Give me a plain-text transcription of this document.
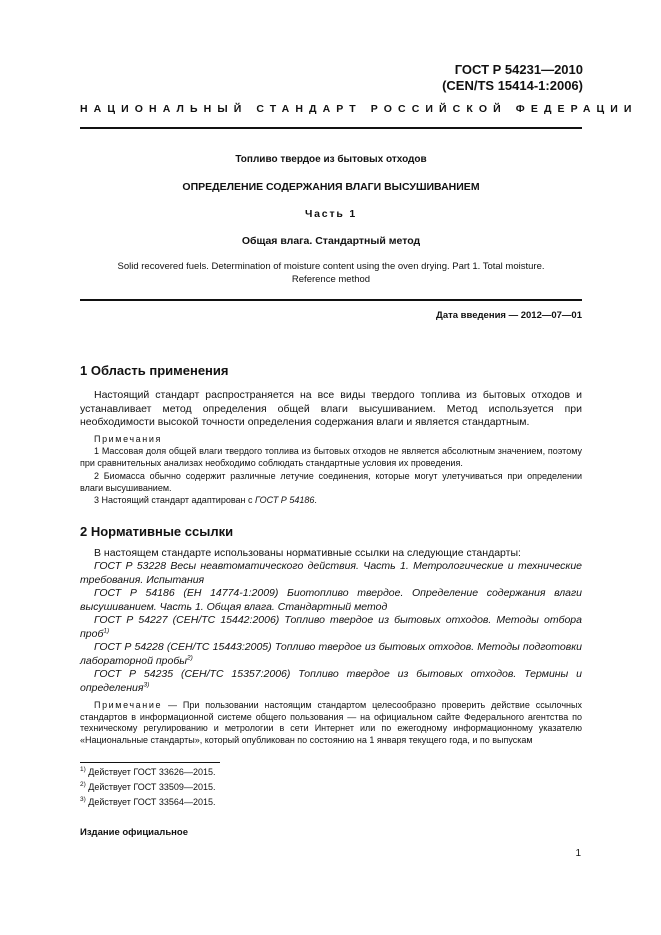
ГОСТ Р 54231—2010
(CEN/TS 15414-1:2006)
НАЦИОНАЛЬНЫЙ СТАНДАРТ РОССИЙСКОЙ ФЕДЕРАЦИИ
Топливо твердое из бытовых отходов
ОПРЕДЕЛЕНИЕ СОДЕРЖАНИЯ ВЛАГИ ВЫСУШИВАНИЕМ
Часть 1
Общая влага. Стандартный метод
Solid recovered fuels. Determination of moisture content using the oven drying. Part 1. Total moisture.
Reference method
Дата введения — 2012—07—01
1 Область применения
Настоящий стандарт распространяется на все виды твердого топлива из бытовых отходов и устанавливает метод определения общей влаги высушиванием. Метод используется при необходимости высокой точности определения содержания влаги и является стандартным.
Примечания
1 Массовая доля общей влаги твердого топлива из бытовых отходов не является абсолютным значением, поэтому при сравнительных анализах необходимо соблюдать стандартные условия их проведения.
2 Биомасса обычно содержит различные летучие соединения, которые могут улетучиваться при определении влаги высушиванием.
3 Настоящий стандарт адаптирован с ГОСТ Р 54186.
2 Нормативные ссылки
В настоящем стандарте использованы нормативные ссылки на следующие стандарты:
ГОСТ Р 53228 Весы неавтоматического действия. Часть 1. Метрологические и технические требования. Испытания
ГОСТ Р 54186 (ЕН 14774-1:2009) Биотопливо твердое. Определение содержания влаги высушиванием. Часть 1. Общая влага. Стандартный метод
ГОСТ Р 54227 (СЕН/ТС 15442:2006) Топливо твердое из бытовых отходов. Методы отбора проб$^{1)}$
ГОСТ Р 54228 (СЕН/ТС 15443:2005) Топливо твердое из бытовых отходов. Методы подготовки лабораторной пробы$^{2)}$
ГОСТ Р 54235 (СЕН/ТС 15357:2006) Топливо твердое из бытовых отходов. Термины и определения$^{3)}$
Примечание — При пользовании настоящим стандартом целесообразно проверить действие ссылочных стандартов в информационной системе общего пользования — на официальном сайте Федерального агентства по техническому регулированию и метрологии в сети Интернет или по ежегодному информационному указателю «Национальные стандарты», который опубликован по состоянию на 1 января текущего года, и по выпускам
$^{1)}$ Действует ГОСТ 33626—2015.
$^{2)}$ Действует ГОСТ 33509—2015.
$^{3)}$ Действует ГОСТ 33564—2015.
Издание официальное
1
